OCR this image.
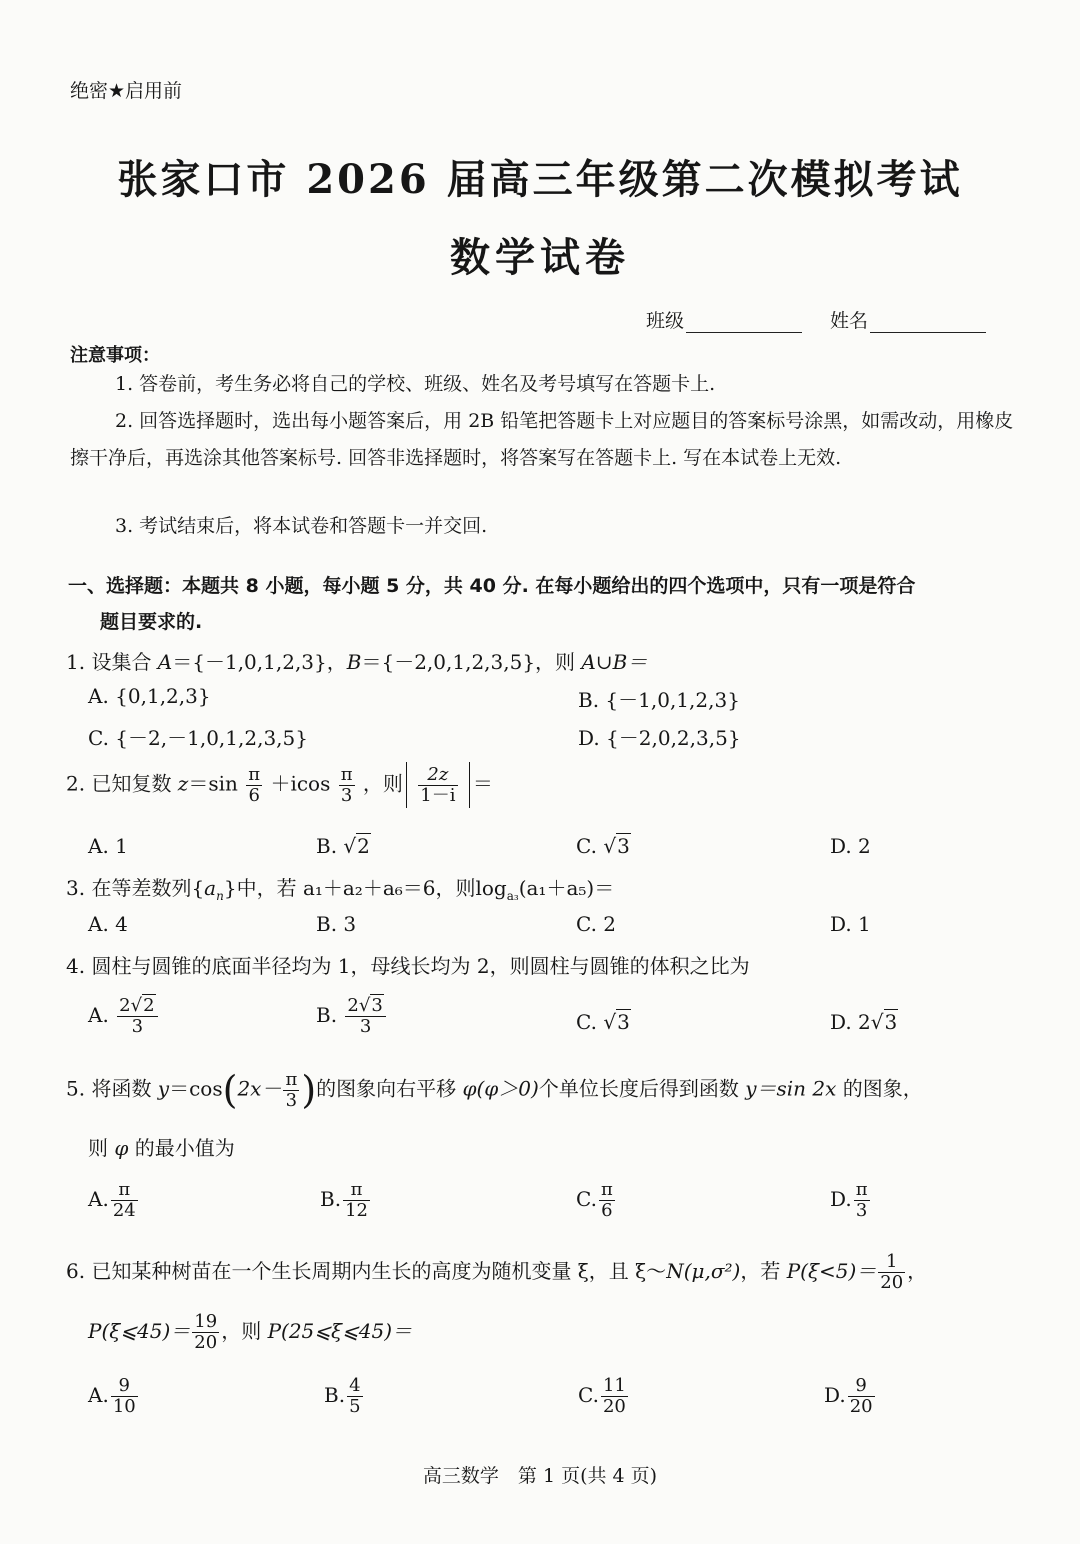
绝密★启用前
张家口市 2026 届高三年级第二次模拟考试
数学试卷
班级	姓名
注意事项：
1. 答卷前，考生务必将自己的学校、班级、姓名及考号填写在答题卡上.
2. 回答选择题时，选出每小题答案后，用 2B 铅笔把答题卡上对应题目的答案标号涂黑，如需改动，用橡皮擦干净后，再选涂其他答案标号. 回答非选择题时，将答案写在答题卡上. 写在本试卷上无效.
3. 考试结束后，将本试卷和答题卡一并交回.
一、选择题：本题共 8 小题，每小题 5 分，共 40 分. 在每小题给出的四个选项中，只有一项是符合
题目要求的.
1. 设集合 A＝{－1,0,1,2,3}，B＝{－2,0,1,2,3,5}，则 A∪B＝
A. {0,1,2,3}	B. {－1,0,1,2,3}
C. {－2,－1,0,1,2,3,5}	D. {－2,0,2,3,5}
2. 已知复数 $z=\sin \frac{\pi}{6} +icos \frac{\pi}{3}$ ，则 $\frac{2z}{1-i}$ ＝
A. 1	B. √2	C. √3	D. 2
3. 在等差数列$\{a_n\}$中，若 a₁＋a₂＋a₆＝6，则$\log_{a_3}(a_1+a_5)=$
A. 4	B. 3	C. 2	D. 1
4. 圆柱与圆锥的底面半径均为 1，母线长均为 2，则圆柱与圆锥的体积之比为
A. $\frac{2√2}{3}$	B. $\frac{2√3}{3}$	C. √3	D. 2√3
5. 将函数 $y=\cos(2x- \frac{\pi}{3}$ )的图象向右平移 φ(φ＞0)个单位长度后得到函数 y＝sin 2x 的图象，
则 φ 的最小值为
A. $\frac{\pi}{24}$	B. $\frac{\pi}{12}$	C. $\frac{\pi}{6}$	D. $\frac{\pi}{3}$
6. 已知某种树苗在一个生长周期内生长的高度为随机变量 ξ，且 ξ～N(μ,σ²)，若 $P(\xi<5)= \frac{1}{20}$ ，
P(ξ⩽45)＝ $\frac{19}{20}$ ，则 P(25⩽ξ⩽45)＝
A. $\frac{9}{10}$	B. $\frac{4}{5}$	C. $\frac{11}{20}$	D. $\frac{9}{20}$
高三数学　第 1 页(共 4 页)
